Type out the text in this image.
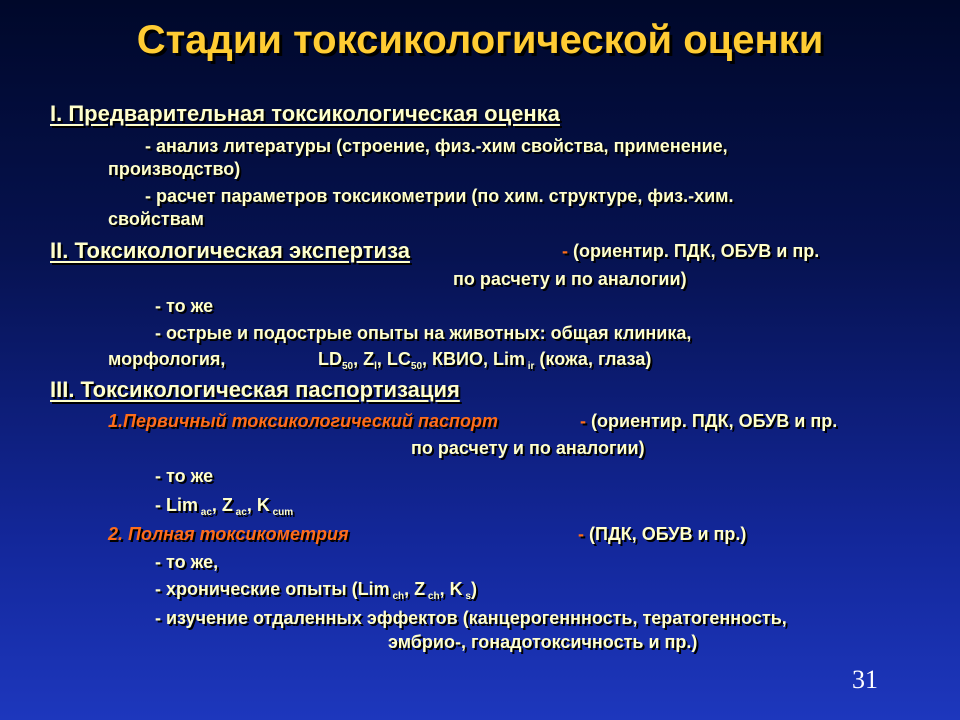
Стадии токсикологической оценки

I. Предварительная токсикологическая оценка

- анализ литературы (строение, физ.-хим свойства, применение,

производство)

- расчет параметров токсикометрии (по хим. структуре, физ.-хим.

свойствам

II. Токсикологическая экспертиза	- (ориентир. ПДК, ОБУВ и пр.

по расчету и по аналогии)

- то же

- острые и подострые опыты на животных: общая клиника,

морфология,	$LD_{50}$, $Z_l$, $LC_{50}$, КВИО, Lim $_{ir}$ (кожа, глаза)

III. Токсикологическая паспортизация

1.Первичный токсикологический паспорт	- (ориентир. ПДК, ОБУВ и пр.

по расчету и по аналогии)

- то же

- Lim $_{ac}$, Z $_{ac}$, K $_{cum}$

2. Полная токсикометрия	- (ПДК, ОБУВ и пр.)

- то же,

- хронические опыты (Lim $_{ch}$, Z $_{ch}$, K $_s$)

- изучение отдаленных эффектов (канцерогеннность, тератогенность,

эмбрио-, гонадотоксичность и пр.)

31
